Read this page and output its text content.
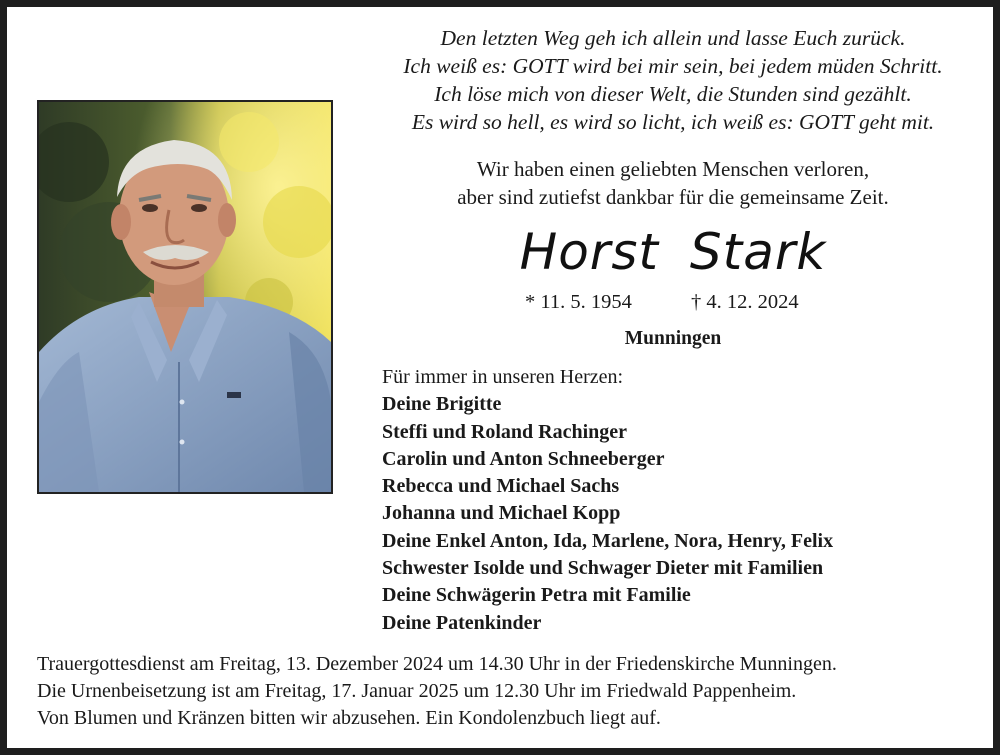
Den letzten Weg geh ich allein und lasse Euch zurück.
Ich weiß es: GOTT wird bei mir sein, bei jedem müden Schritt.
Ich löse mich von dieser Welt, die Stunden sind gezählt.
Es wird so hell, es wird so licht, ich weiß es: GOTT geht mit.
Wir haben einen geliebten Menschen verloren,
aber sind zutiefst dankbar für die gemeinsame Zeit.
Horst Stark
* 11. 5. 1954	† 4. 12. 2024
Munningen
Für immer in unseren Herzen:
Deine Brigitte
Steffi und Roland Rachinger
Carolin und Anton Schneeberger
Rebecca und Michael Sachs
Johanna und Michael Kopp
Deine Enkel Anton, Ida, Marlene, Nora, Henry, Felix
Schwester Isolde und Schwager Dieter mit Familien
Deine Schwägerin Petra mit Familie
Deine Patenkinder
Trauergottesdienst am Freitag, 13. Dezember 2024 um 14.30 Uhr in der Friedenskirche Munningen.
Die Urnenbeisetzung ist am Freitag, 17. Januar 2025 um 12.30 Uhr im Friedwald Pappenheim.
Von Blumen und Kränzen bitten wir abzusehen. Ein Kondolenzbuch liegt auf.
